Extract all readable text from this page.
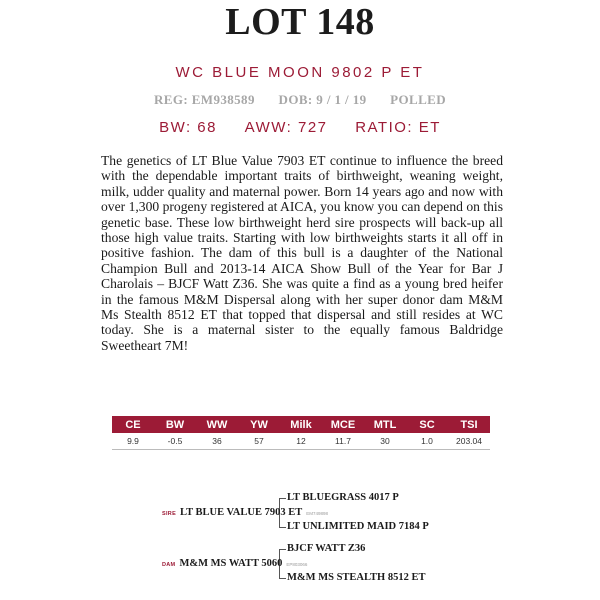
LOT 148
WC BLUE MOON 9802 P ET
REG: EM938589 DOB: 9 / 1 / 19 POLLED
BW: 68 AWW: 727 RATIO: ET

The genetics of LT Blue Value 7903 ET continue to influence the breed with the dependable important traits of birthweight, weaning weight, milk, udder quality and maternal power. Born 14 years ago and now with over 1,300 progeny registered at AICA, you know you can depend on this genetic base. These low birthweight herd sire prospects will back-up all those high value traits. Starting with low birthweights starts it all off in positive fashion. The dam of this bull is a daughter of the National Champion Bull and 2013-14 AICA Show Bull of the Year for Bar J Charolais – BJCF Watt Z36. She was quite a find as a young bred heifer in the famous M&M Dispersal along with her super donor dam M&M Ms Stealth 8512 ET that topped that dispersal and still resides at WC today. She is a maternal sister to the equally famous Baldridge Sweetheart 7M!

CE	BW	WW	YW	Milk	MCE	MTL	SC	TSI
9.9	-0.5	36	57	12	11.7	30	1.0	203.04
LT BLUEGRASS 4017 P
SIRE LT BLUE VALUE 7903 ET EM749898
LT UNLIMITED MAID 7184 P
BJCF WATT Z36
DAM M&M MS WATT 5060 EP803066
M&M MS STEALTH 8512 ET
